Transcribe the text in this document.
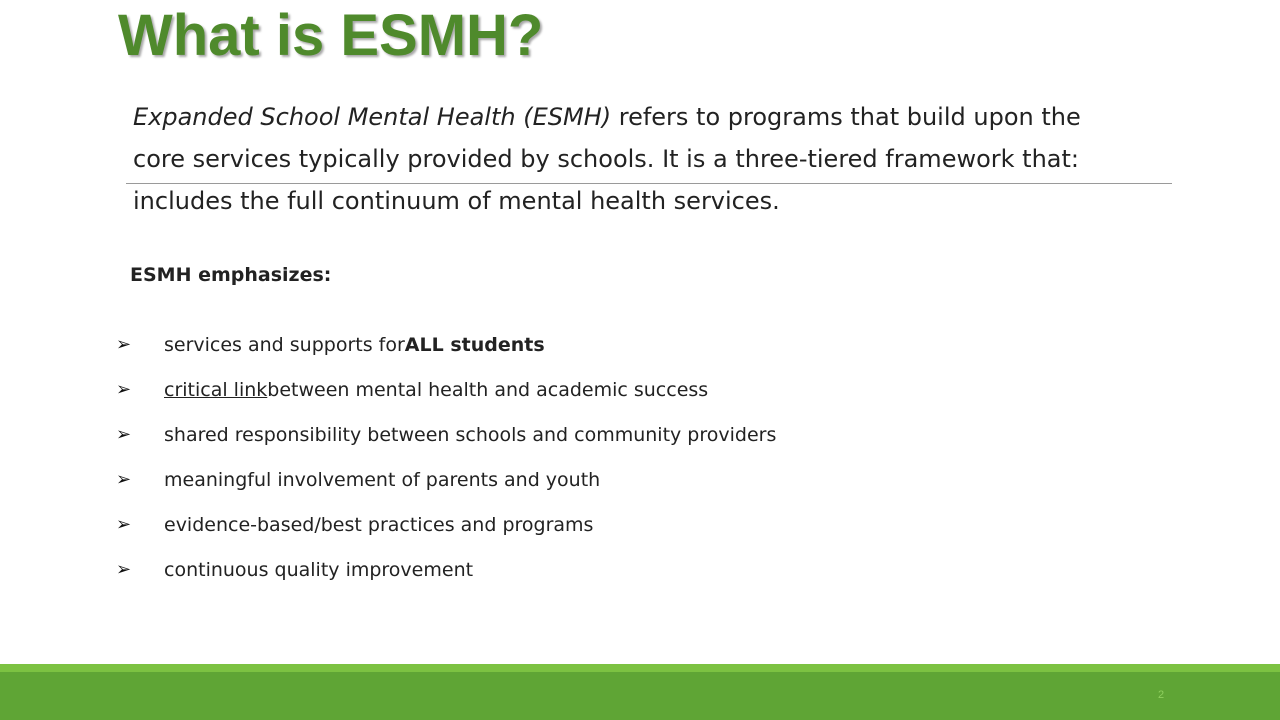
What is ESMH?

Expanded School Mental Health (ESMH) refers to programs that build upon the
core services typically provided by schools. It is a three-tiered framework that:
includes the full continuum of mental health services.

ESMH emphasizes:
➢	services and supports for ALL students
➢	critical link between mental health and academic success
➢	shared responsibility between schools and community providers
➢	meaningful involvement of parents and youth
➢	evidence-based/best practices and programs
➢	continuous quality improvement
2
